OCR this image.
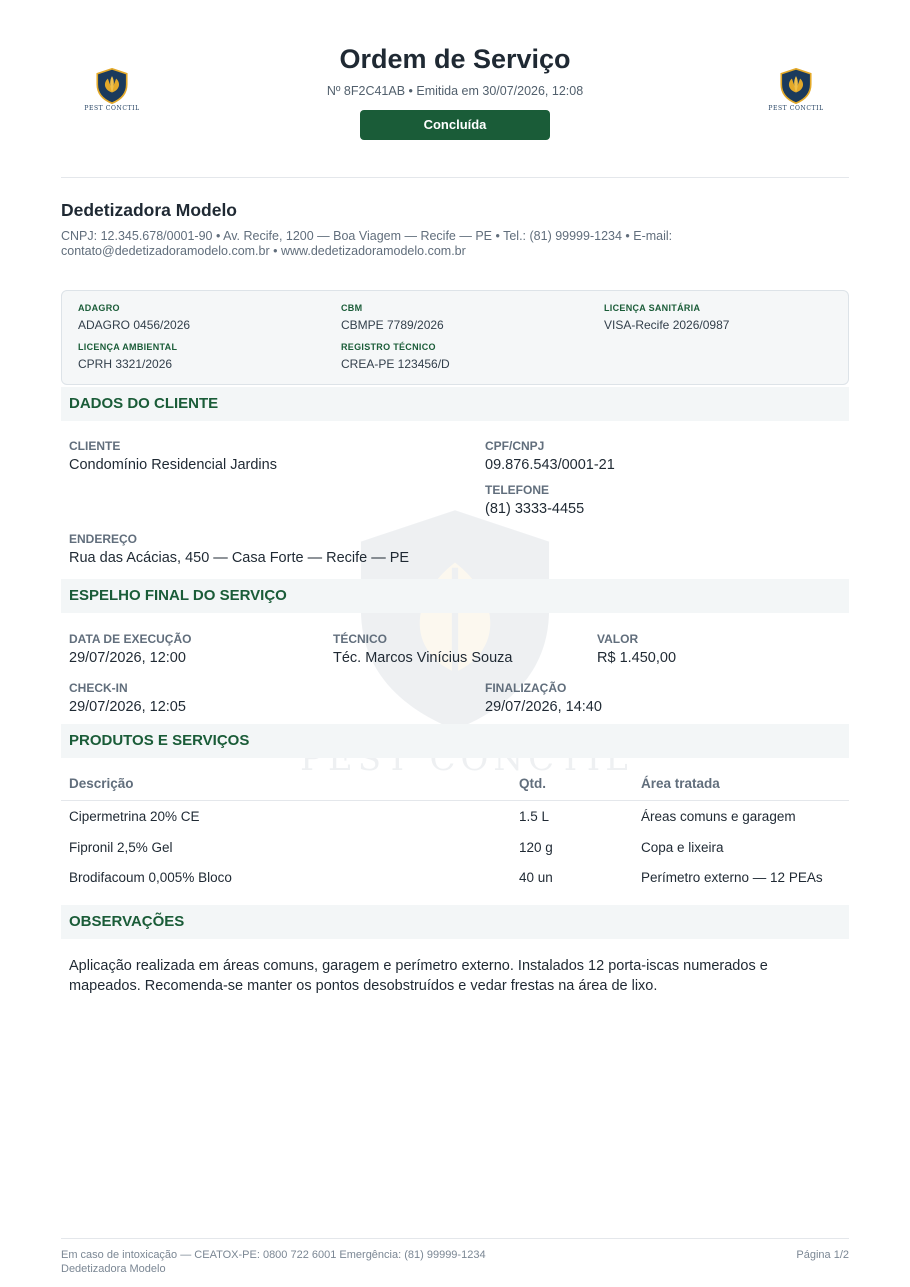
PEST CONCTIL
PEST CONCTIL	PEST CONCTIL
Ordem de Serviço
Nº 8F2C41AB • Emitida em 30/07/2026, 12:08
Concluída
Dedetizadora Modelo
CNPJ: 12.345.678/0001-90 • Av. Recife, 1200 — Boa Viagem — Recife — PE • Tel.: (81) 99999-1234 • E-mail: contato@dedetizadoramodelo.com.br • www.dedetizadoramodelo.com.br
ADAGRO
ADAGRO 0456/2026
CBM
CBMPE 7789/2026
LICENÇA SANITÁRIA
VISA-Recife 2026/0987
LICENÇA AMBIENTAL
CPRH 3321/2026
REGISTRO TÉCNICO
CREA-PE 123456/D
DADOS DO CLIENTE
CLIENTE
Condomínio Residencial Jardins
CPF/CNPJ
09.876.543/0001-21
TELEFONE
(81) 3333-4455
ENDEREÇO
Rua das Acácias, 450 — Casa Forte — Recife — PE
ESPELHO FINAL DO SERVIÇO
DATA DE EXECUÇÃO
29/07/2026, 12:00
TÉCNICO
Téc. Marcos Vinícius Souza
VALOR
R$ 1.450,00
CHECK-IN
29/07/2026, 12:05
FINALIZAÇÃO
29/07/2026, 14:40
PRODUTOS E SERVIÇOS
Descrição	Qtd.	Área tratada
Cipermetrina 20% CE	1.5 L	Áreas comuns e garagem
Fipronil 2,5% Gel	120 g	Copa e lixeira
Brodifacoum 0,005% Bloco	40 un	Perímetro externo — 12 PEAs
OBSERVAÇÕES
Aplicação realizada em áreas comuns, garagem e perímetro externo. Instalados 12 porta-iscas numerados e mapeados. Recomenda-se manter os pontos desobstruídos e vedar frestas na área de lixo.
Em caso de intoxicação — CEATOX-PE: 0800 722 6001 Emergência: (81) 99999-1234
Dedetizadora Modelo
Página 1/2
